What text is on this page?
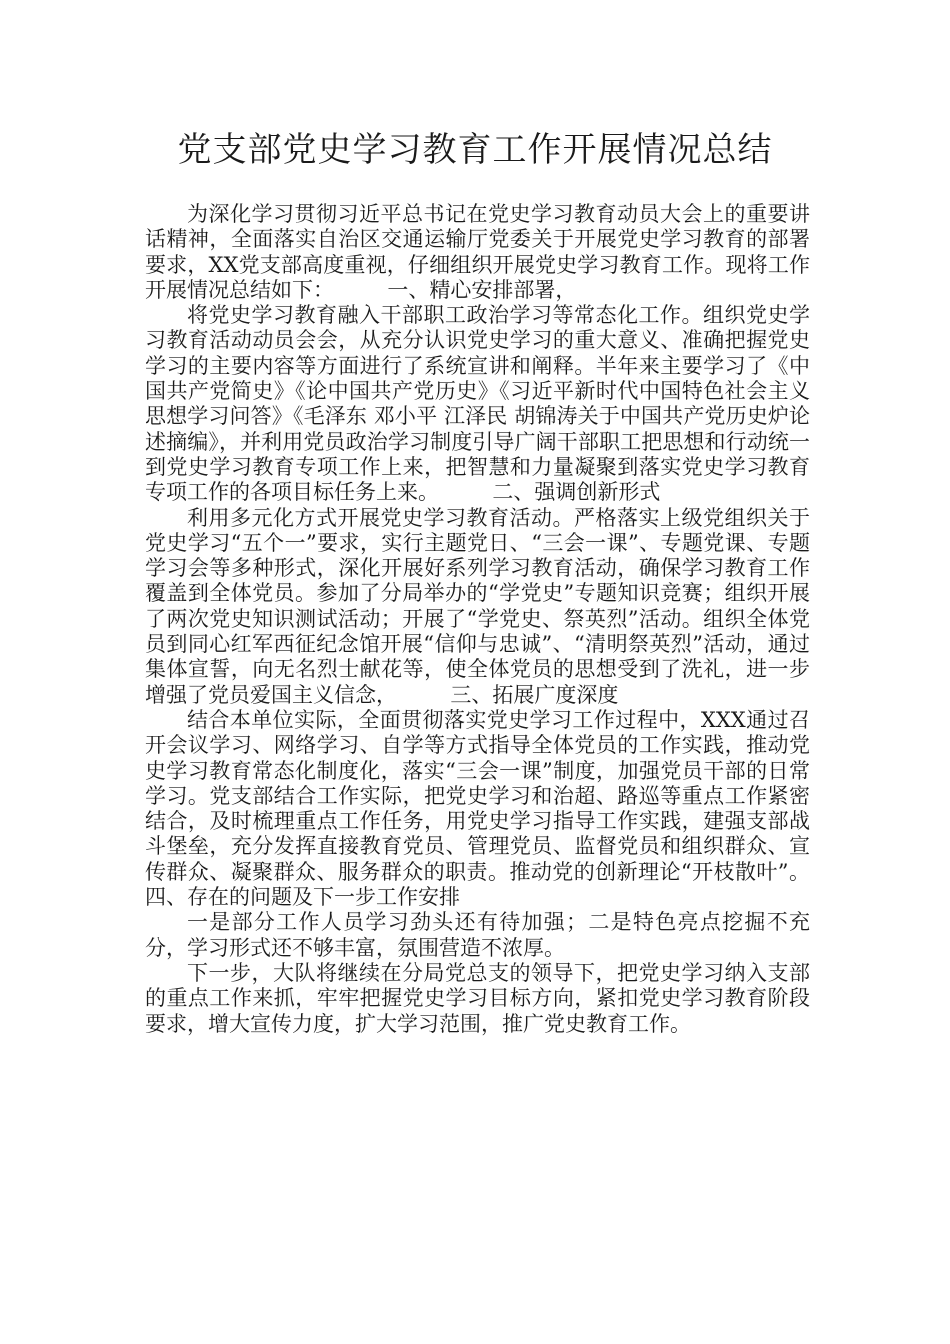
党支部党史学习教育工作开展情况总结

为深化学习贯彻习近平总书记在党史学习教育动员大会上的重要讲话精神，全面落实自治区交通运输厅党委关于开展党史学习教育的部署要求，XX党支部高度重视，仔细组织开展党史学习教育工作。现将工作开展情况总结如下：	一、精心安排部署，

将党史学习教育融入干部职工政治学习等常态化工作。组织党史学习教育活动动员会会，从充分认识党史学习的重大意义、准确把握党史学习的主要内容等方面进行了系统宣讲和阐释。半年来主要学习了《中国共产党简史》《论中国共产党历史》《习近平新时代中国特色社会主义思想学习问答》《毛泽东 邓小平 江泽民 胡锦涛关于中国共产党历史炉论述摘编》，并利用党员政治学习制度引导广阔干部职工把思想和行动统一到党史学习教育专项工作上来，把智慧和力量凝聚到落实党史学习教育专项工作的各项目标任务上来。	二、强调创新形式

利用多元化方式开展党史学习教育活动。严格落实上级党组织关于党史学习“五个一”要求，实行主题党日、“三会一课”、专题党课、专题学习会等多种形式，深化开展好系列学习教育活动，确保学习教育工作覆盖到全体党员。参加了分局举办的“学党史”专题知识竞赛；组织开展了两次党史知识测试活动；开展了“学党史、祭英烈”活动。组织全体党员到同心红军西征纪念馆开展“信仰与忠诚”、“清明祭英烈”活动，通过集体宣誓，向无名烈士献花等，使全体党员的思想受到了洗礼，进一步增强了党员爱国主义信念，	三、拓展广度深度

结合本单位实际，全面贯彻落实党史学习工作过程中，XXX通过召开会议学习、网络学习、自学等方式指导全体党员的工作实践，推动党史学习教育常态化制度化，落实“三会一课”制度，加强党员干部的日常学习。党支部结合工作实际，把党史学习和治超、路巡等重点工作紧密结合，及时梳理重点工作任务，用党史学习指导工作实践，建强支部战斗堡垒，充分发挥直接教育党员、管理党员、监督党员和组织群众、宣传群众、凝聚群众、服务群众的职责。推动党的创新理论“开枝散叶”。        四、存在的问题及下一步工作安排

一是部分工作人员学习劲头还有待加强；二是特色亮点挖掘不充分，学习形式还不够丰富，氛围营造不浓厚。

下一步，大队将继续在分局党总支的领导下，把党史学习纳入支部的重点工作来抓，牢牢把握党史学习目标方向，紧扣党史学习教育阶段要求，增大宣传力度，扩大学习范围，推广党史教育工作。
